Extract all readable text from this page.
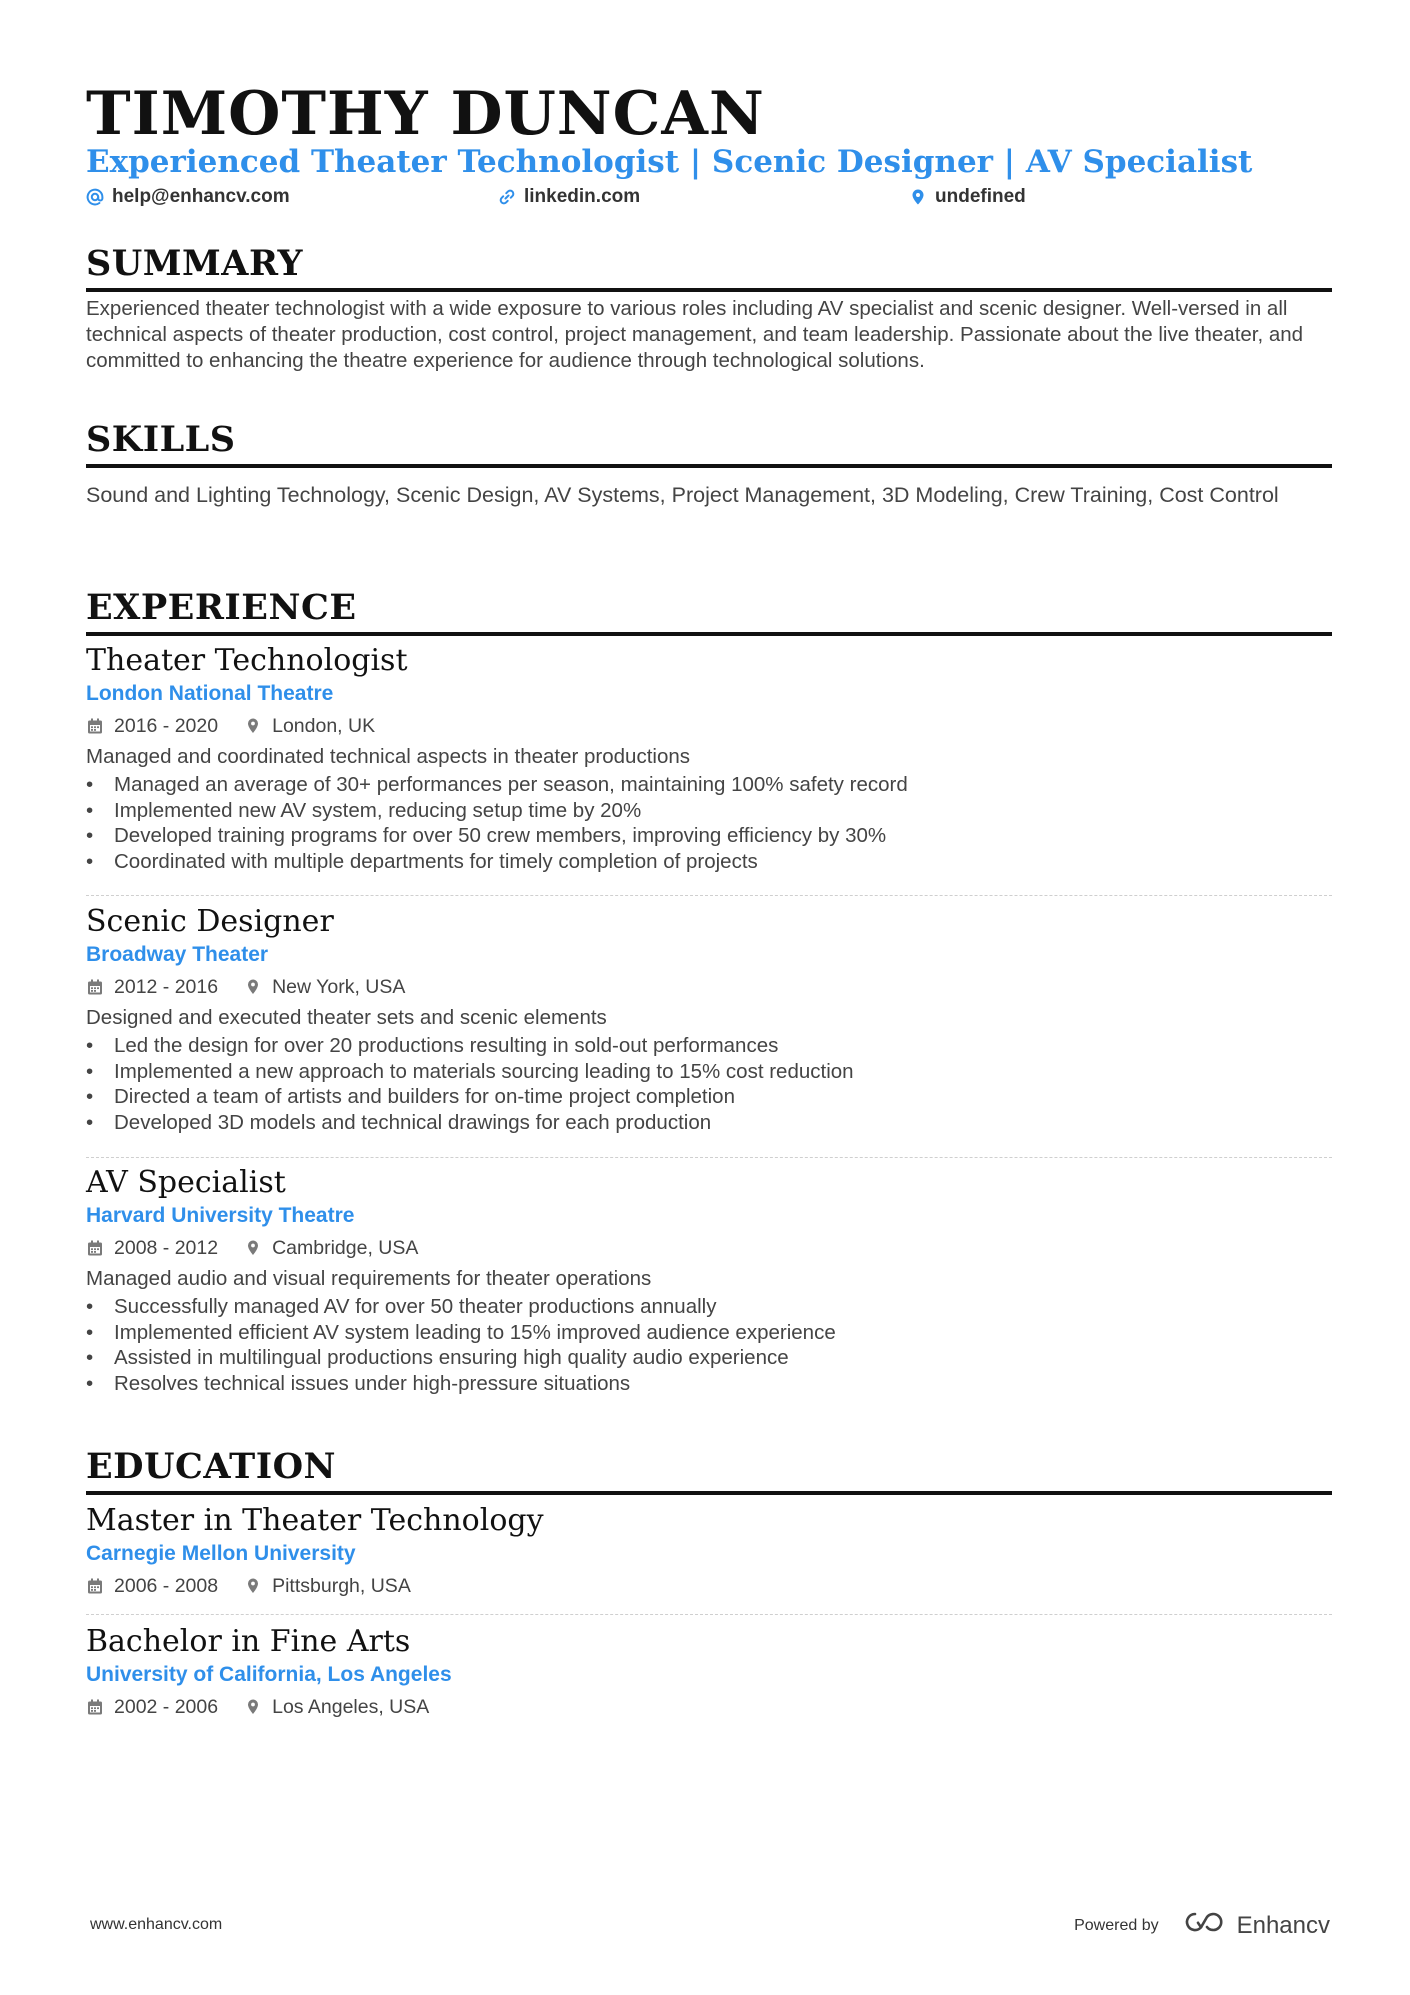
TIMOTHY DUNCAN
Experienced Theater Technologist | Scenic Designer | AV Specialist
help@enhancv.com	linkedin.com	undefined
SUMMARY

Experienced theater technologist with a wide exposure to various roles including AV specialist and scenic designer. Well-versed in all technical aspects of theater production, cost control, project management, and team leadership. Passionate about the live theater, and committed to enhancing the theatre experience for audience through technological solutions.

SKILLS

Sound and Lighting Technology, Scenic Design, AV Systems, Project Management, 3D Modeling, Crew Training, Cost Control

EXPERIENCE
Theater Technologist
London National Theatre
2016 - 2020	London, UK
Managed and coordinated technical aspects in theater productions
•	Managed an average of 30+ performances per season, maintaining 100% safety record
•	Implemented new AV system, reducing setup time by 20%
•	Developed training programs for over 50 crew members, improving efficiency by 30%
•	Coordinated with multiple departments for timely completion of projects
Scenic Designer
Broadway Theater
2012 - 2016	New York, USA
Designed and executed theater sets and scenic elements
•	Led the design for over 20 productions resulting in sold-out performances
•	Implemented a new approach to materials sourcing leading to 15% cost reduction
•	Directed a team of artists and builders for on-time project completion
•	Developed 3D models and technical drawings for each production
AV Specialist
Harvard University Theatre
2008 - 2012	Cambridge, USA
Managed audio and visual requirements for theater operations
•	Successfully managed AV for over 50 theater productions annually
•	Implemented efficient AV system leading to 15% improved audience experience
•	Assisted in multilingual productions ensuring high quality audio experience
•	Resolves technical issues under high-pressure situations
EDUCATION
Master in Theater Technology
Carnegie Mellon University
2006 - 2008	Pittsburgh, USA
Bachelor in Fine Arts
University of California, Los Angeles
2002 - 2006	Los Angeles, USA
www.enhancv.com	Powered by	Enhancv
